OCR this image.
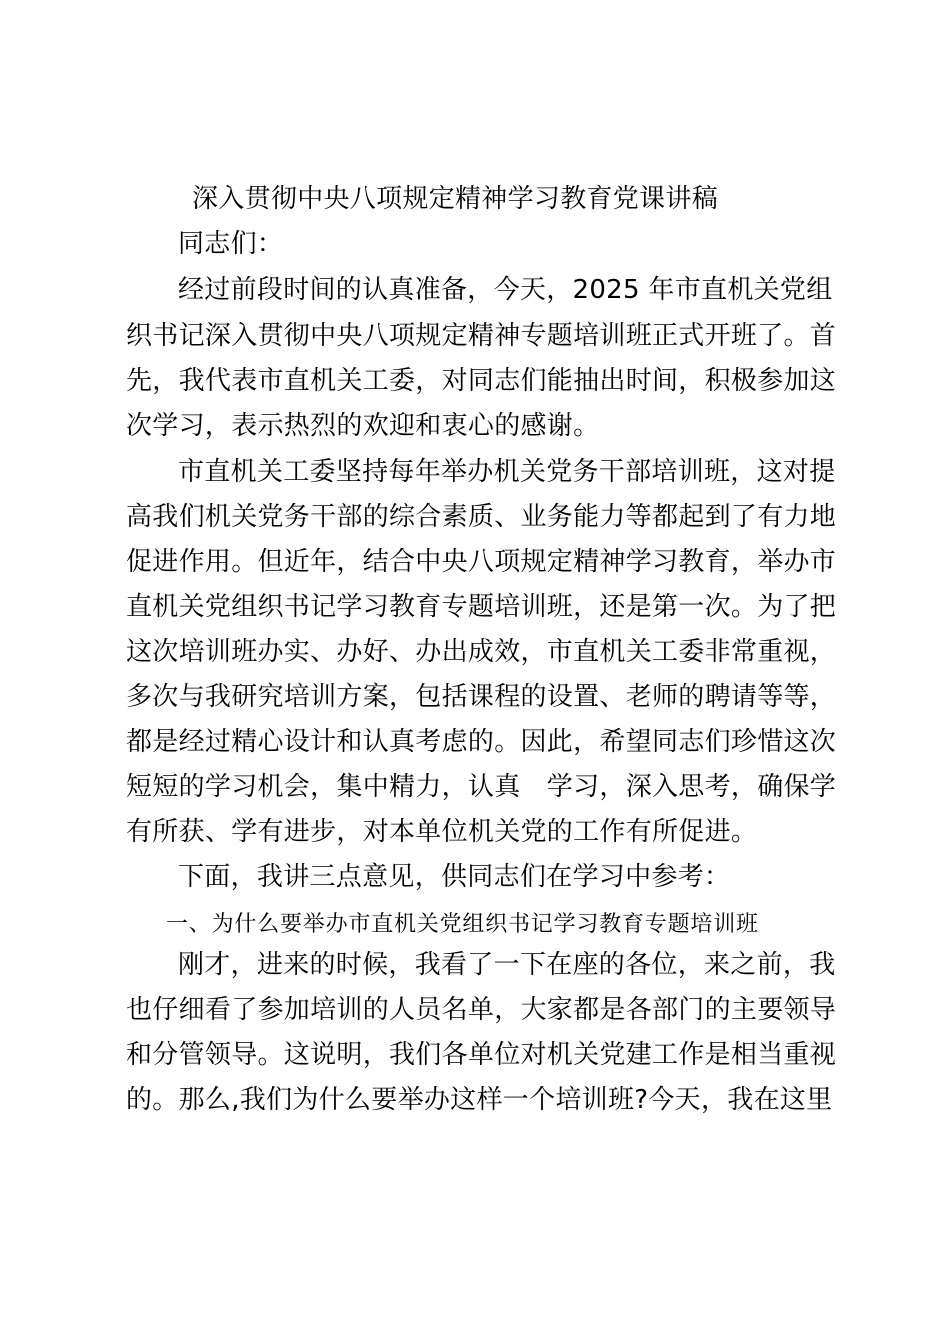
深入贯彻中央八项规定精神学习教育党课讲稿
同志们：
经过前段时间的认真准备，今天，2025 年市直机关党组
织书记深入贯彻中央八项规定精神专题培训班正式开班了。首
先，我代表市直机关工委，对同志们能抽出时间，积极参加这
次学习，表示热烈的欢迎和衷心的感谢。
市直机关工委坚持每年举办机关党务干部培训班，这对提
高我们机关党务干部的综合素质、业务能力等都起到了有力地
促进作用。但近年，结合中央八项规定精神学习教育，举办市
直机关党组织书记学习教育专题培训班，还是第一次。为了把
这次培训班办实、办好、办出成效，市直机关工委非常重视，
多次与我研究培训方案，包括课程的设置、老师的聘请等等，
都是经过精心设计和认真考虑的。因此，希望同志们珍惜这次
短短的学习机会，集中精力，认真　学习，深入思考，确保学
有所获、学有进步，对本单位机关党的工作有所促进。
下面，我讲三点意见，供同志们在学习中参考：
一、为什么要举办市直机关党组织书记学习教育专题培训班
刚才，进来的时候，我看了一下在座的各位，来之前，我
也仔细看了参加培训的人员名单，大家都是各部门的主要领导
和分管领导。这说明，我们各单位对机关党建工作是相当重视
的。那么,我们为什么要举办这样一个培训班?今天，我在这里
